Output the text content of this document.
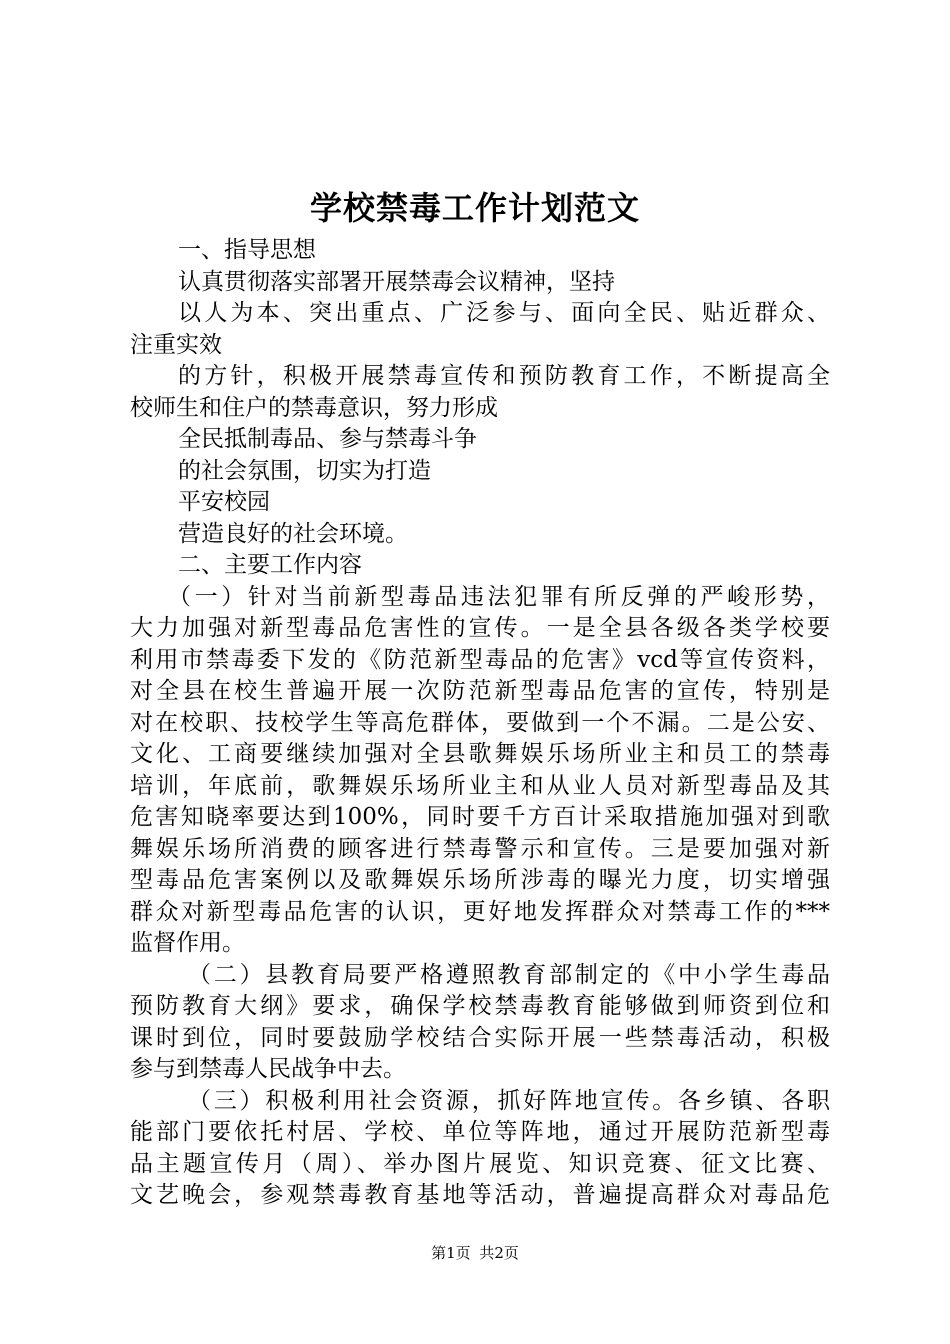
学校禁毒工作计划范文
一、指导思想
认真贯彻落实部署开展禁毒会议精神，坚持
以人为本、突出重点、广泛参与、面向全民、贴近群众、
注重实效
的方针，积极开展禁毒宣传和预防教育工作，不断提高全
校师生和住户的禁毒意识，努力形成
全民抵制毒品、参与禁毒斗争
的社会氛围，切实为打造
平安校园
营造良好的社会环境。
二、主要工作内容
（一）针对当前新型毒品违法犯罪有所反弹的严峻形势，
大力加强对新型毒品危害性的宣传。一是全县各级各类学校要
利用市禁毒委下发的《防范新型毒品的危害》vcd等宣传资料，
对全县在校生普遍开展一次防范新型毒品危害的宣传，特别是
对在校职、技校学生等高危群体，要做到一个不漏。二是公安、
文化、工商要继续加强对全县歌舞娱乐场所业主和员工的禁毒
培训，年底前，歌舞娱乐场所业主和从业人员对新型毒品及其
危害知晓率要达到100%，同时要千方百计采取措施加强对到歌
舞娱乐场所消费的顾客进行禁毒警示和宣传。三是要加强对新
型毒品危害案例以及歌舞娱乐场所涉毒的曝光力度，切实增强
群众对新型毒品危害的认识，更好地发挥群众对禁毒工作的***
监督作用。
（二）县教育局要严格遵照教育部制定的《中小学生毒品
预防教育大纲》要求，确保学校禁毒教育能够做到师资到位和
课时到位，同时要鼓励学校结合实际开展一些禁毒活动，积极
参与到禁毒人民战争中去。
（三）积极利用社会资源，抓好阵地宣传。各乡镇、各职
能部门要依托村居、学校、单位等阵地，通过开展防范新型毒
品主题宣传月（周）、举办图片展览、知识竞赛、征文比赛、
文艺晚会，参观禁毒教育基地等活动，普遍提高群众对毒品危
第1页 共2页
